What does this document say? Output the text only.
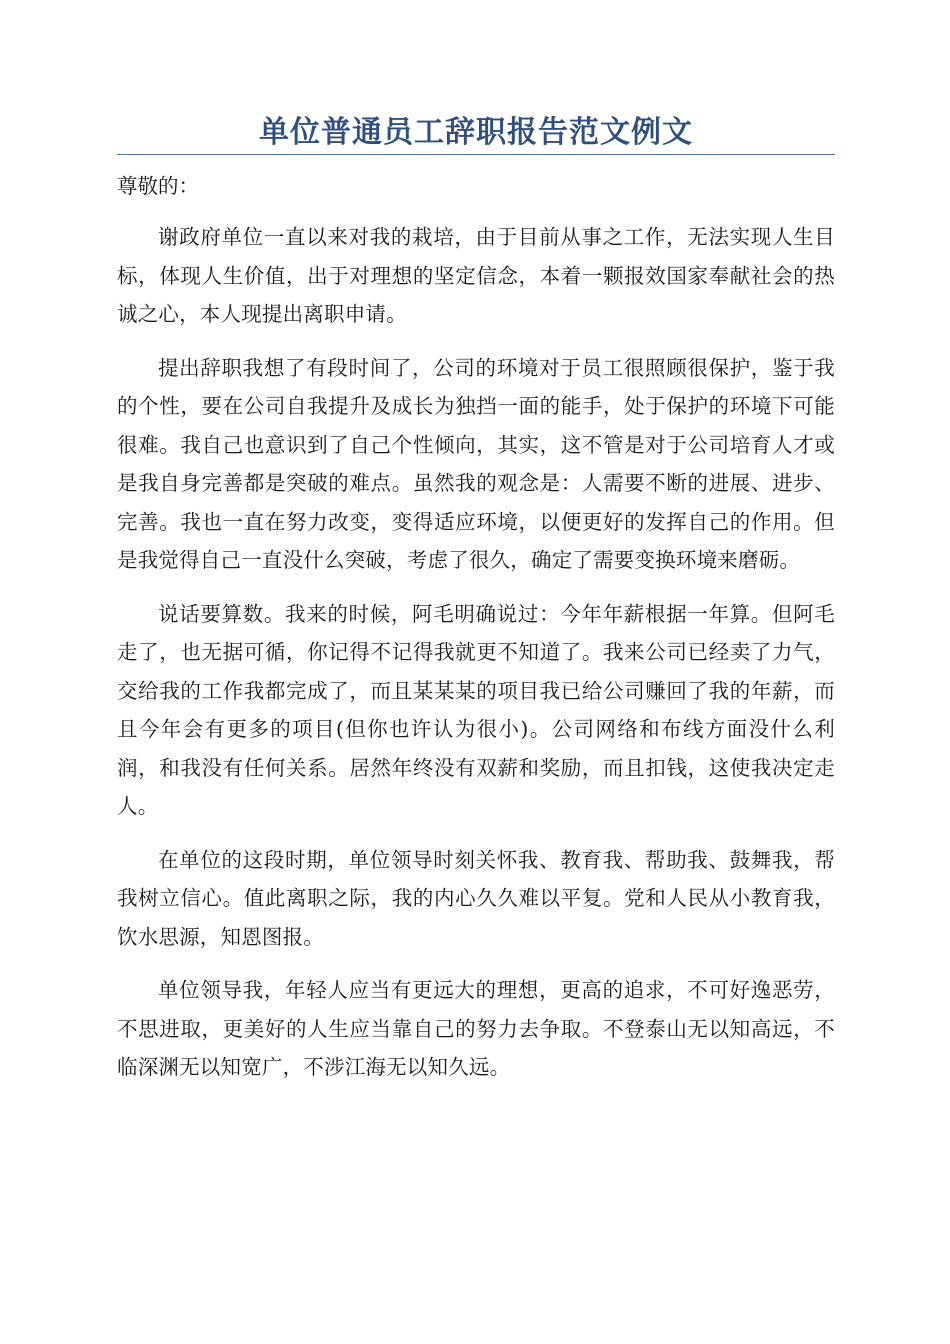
单位普通员工辞职报告范文例文

尊敬的：

谢政府单位一直以来对我的栽培，由于目前从事之工作，无法实现人生目标，体现人生价值，出于对理想的坚定信念，本着一颗报效国家奉献社会的热诚之心，本人现提出离职申请。

提出辞职我想了有段时间了，公司的环境对于员工很照顾很保护，鉴于我的个性，要在公司自我提升及成长为独挡一面的能手，处于保护的环境下可能很难。我自己也意识到了自己个性倾向，其实，这不管是对于公司培育人才或是我自身完善都是突破的难点。虽然我的观念是：人需要不断的进展、进步、完善。我也一直在努力改变，变得适应环境，以便更好的发挥自己的作用。但是我觉得自己一直没什么突破，考虑了很久，确定了需要变换环境来磨砺。

说话要算数。我来的时候，阿毛明确说过：今年年薪根据一年算。但阿毛走了，也无据可循，你记得不记得我就更不知道了。我来公司已经卖了力气，交给我的工作我都完成了，而且某某某的项目我已给公司赚回了我的年薪，而且今年会有更多的项目(但你也许认为很小)。公司网络和布线方面没什么利润，和我没有任何关系。居然年终没有双薪和奖励，而且扣钱，这使我决定走人。

在单位的这段时期，单位领导时刻关怀我、教育我、帮助我、鼓舞我，帮我树立信心。值此离职之际，我的内心久久难以平复。党和人民从小教育我，饮水思源，知恩图报。

单位领导我，年轻人应当有更远大的理想，更高的追求，不可好逸恶劳，不思进取，更美好的人生应当靠自己的努力去争取。不登泰山无以知高远，不临深渊无以知宽广，不涉江海无以知久远。
